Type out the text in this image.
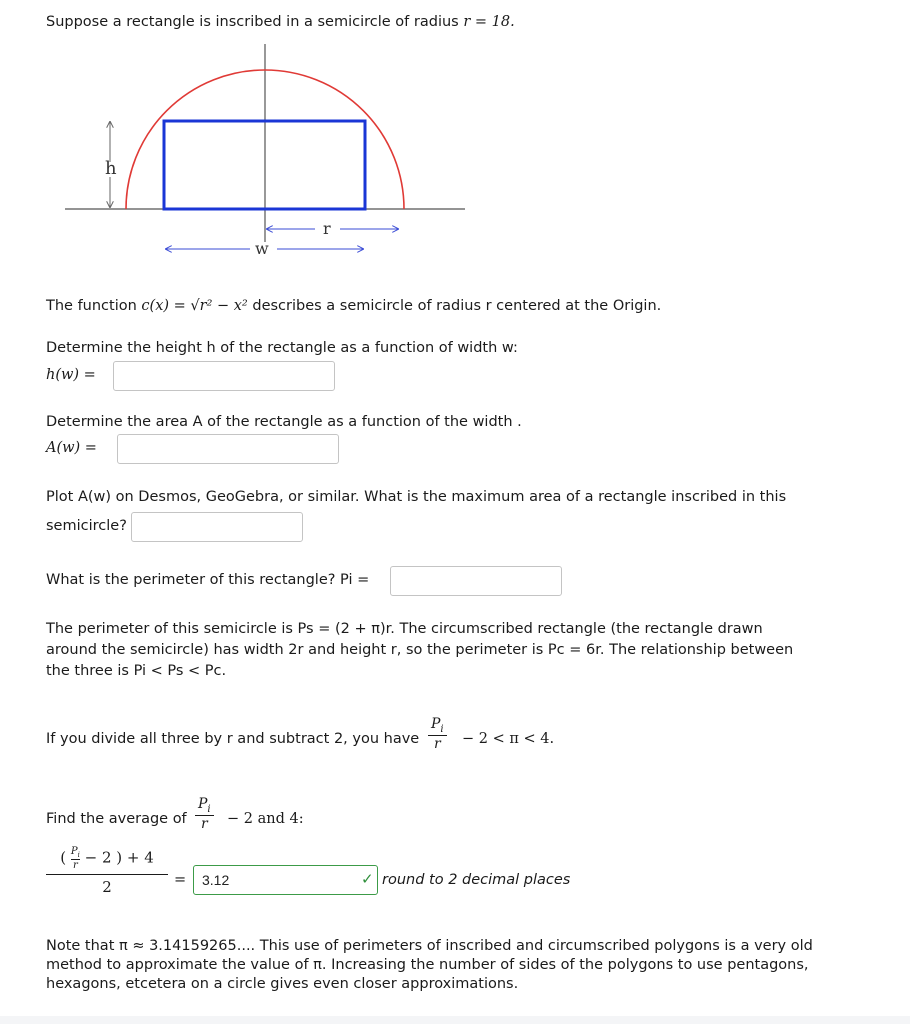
Suppose a rectangle is inscribed in a semicircle of radius r = 18.
h
r
w
The function c(x) = √r² − x² describes a semicircle of radius r centered at the Origin.
Determine the height h of the rectangle as a function of width w:
h(w) =
Determine the area A of the rectangle as a function of the width .
A(w) =
Plot A(w) on Desmos, GeoGebra, or similar. What is the maximum area of a rectangle inscribed in this
semicircle?
What is the perimeter of this rectangle? Pi =
The perimeter of this semicircle is Ps = (2 + π)r. The circumscribed rectangle (the rectangle drawn
around the semicircle) has width 2r and height r, so the perimeter is Pc = 6r. The relationship between
the three is Pi < Ps < Pc.
If you divide all three by r and subtract 2, you have $\frac{P_i}{r} - 2 < \pi < 4$.
Find the average of $\frac{P_i}{r} - 2$ and 4:
$\frac{( \frac{P_i}{r} - 2 ) + 4}{2}$ =
3.12	✓ round to 2 decimal places
Note that π ≈ 3.14159265.... This use of perimeters of inscribed and circumscribed polygons is a very old
method to approximate the value of π. Increasing the number of sides of the polygons to use pentagons,
hexagons, etcetera on a circle gives even closer approximations.
